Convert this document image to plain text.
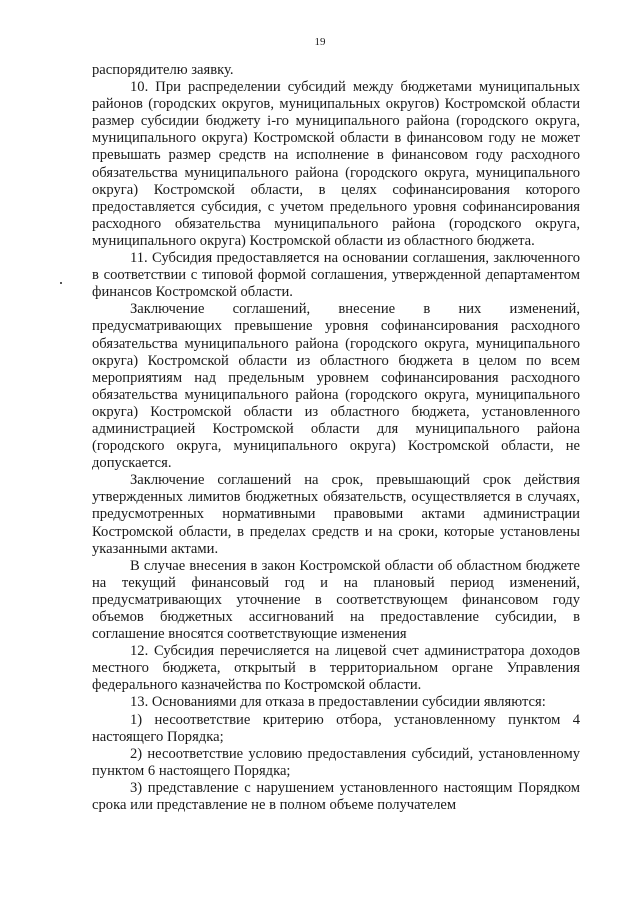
19

распорядителю заявку.

10. При распределении субсидий между бюджетами муниципальных районов (городских округов, муниципальных округов) Костромской области размер субсидии бюджету i-го муниципального района (городского округа, муниципального округа) Костромской области в финансовом году не может превышать размер средств на исполнение в финансовом году расходного обязательства муниципального района (городского округа, муниципального округа) Костромской области, в целях софинансирования которого предоставляется субсидия, с учетом предельного уровня софинансирования расходного обязательства муниципального района (городского округа, муниципального округа) Костромской области из областного бюджета.

11. Субсидия предоставляется на основании соглашения, заключенного в соответствии с типовой формой соглашения, утвержденной департаментом финансов Костромской области.

Заключение соглашений, внесение в них изменений, предусматривающих превышение уровня софинансирования расходного обязательства муниципального района (городского округа, муниципального округа) Костромской области из областного бюджета в целом по всем мероприятиям над предельным уровнем софинансирования расходного обязательства муниципального района (городского округа, муниципального округа) Костромской области из областного бюджета, установленного администрацией Костромской области для муниципального района (городского округа, муниципального округа) Костромской области, не допускается.

Заключение соглашений на срок, превышающий срок действия утвержденных лимитов бюджетных обязательств, осуществляется в случаях, предусмотренных нормативными правовыми актами администрации Костромской области, в пределах средств и на сроки, которые установлены указанными актами.

В случае внесения в закон Костромской области об областном бюджете на текущий финансовый год и на плановый период изменений, предусматривающих уточнение в соответствующем финансовом году объемов бюджетных ассигнований на предоставление субсидии, в соглашение вносятся соответствующие изменения

12. Субсидия перечисляется на лицевой счет администратора доходов местного бюджета, открытый в территориальном органе Управления федерального казначейства по Костромской области.

13. Основаниями для отказа в предоставлении субсидии являются:

1) несоответствие критерию отбора, установленному пунктом 4 настоящего Порядка;

2) несоответствие условию предоставления субсидий, установленному пунктом 6 настоящего Порядка;

3) представление с нарушением установленного настоящим Порядком срока или представление не в полном объеме получателем
